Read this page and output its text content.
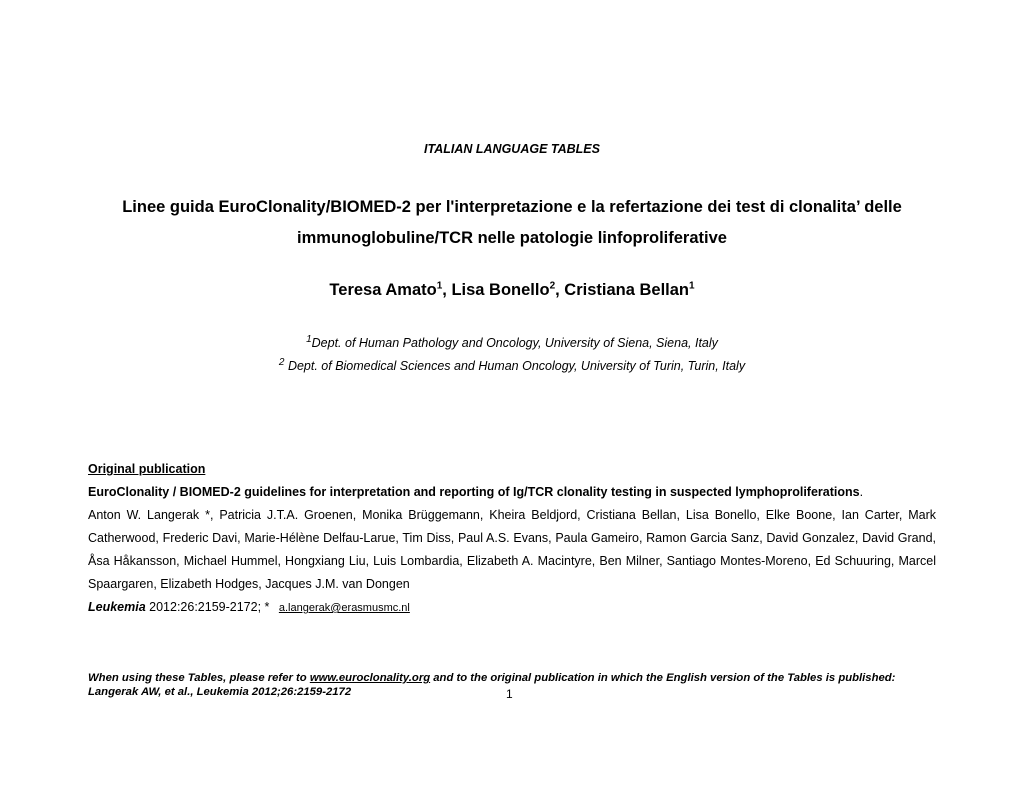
ITALIAN LANGUAGE TABLES
Linee guida EuroClonality/BIOMED-2 per l'interpretazione e la refertazione dei test di clonalita’ delle
immunoglobuline/TCR nelle patologie linfoproliferative
Teresa Amato$^1$, Lisa Bonello$^2$, Cristiana Bellan$^1$
$^1$Dept. of Human Pathology and Oncology, University of Siena, Siena, Italy
$^2$ Dept. of Biomedical Sciences and Human Oncology, University of Turin, Turin, Italy
Original publication
EuroClonality / BIOMED-2 guidelines for interpretation and reporting of Ig/TCR clonality testing in suspected lymphoproliferations.
Anton W. Langerak *, Patricia J.T.A. Groenen, Monika Brüggemann, Kheira Beldjord, Cristiana Bellan, Lisa Bonello, Elke Boone, Ian Carter, Mark Catherwood, Frederic Davi, Marie-Hélène Delfau-Larue, Tim Diss, Paul A.S. Evans, Paula Gameiro, Ramon Garcia Sanz, David Gonzalez, David Grand, Åsa Håkansson, Michael Hummel, Hongxiang Liu, Luis Lombardia, Elizabeth A. Macintyre, Ben Milner, Santiago Montes-Moreno, Ed Schuuring, Marcel Spaargaren, Elizabeth Hodges, Jacques J.M. van Dongen
Leukemia 2012:26:2159-2172; * a.langerak@erasmusmc.nl
When using these Tables, please refer to www.euroclonality.org and to the original publication in which the English version of the Tables is published: Langerak AW, et al., Leukemia 2012;26:2159-2172	1
